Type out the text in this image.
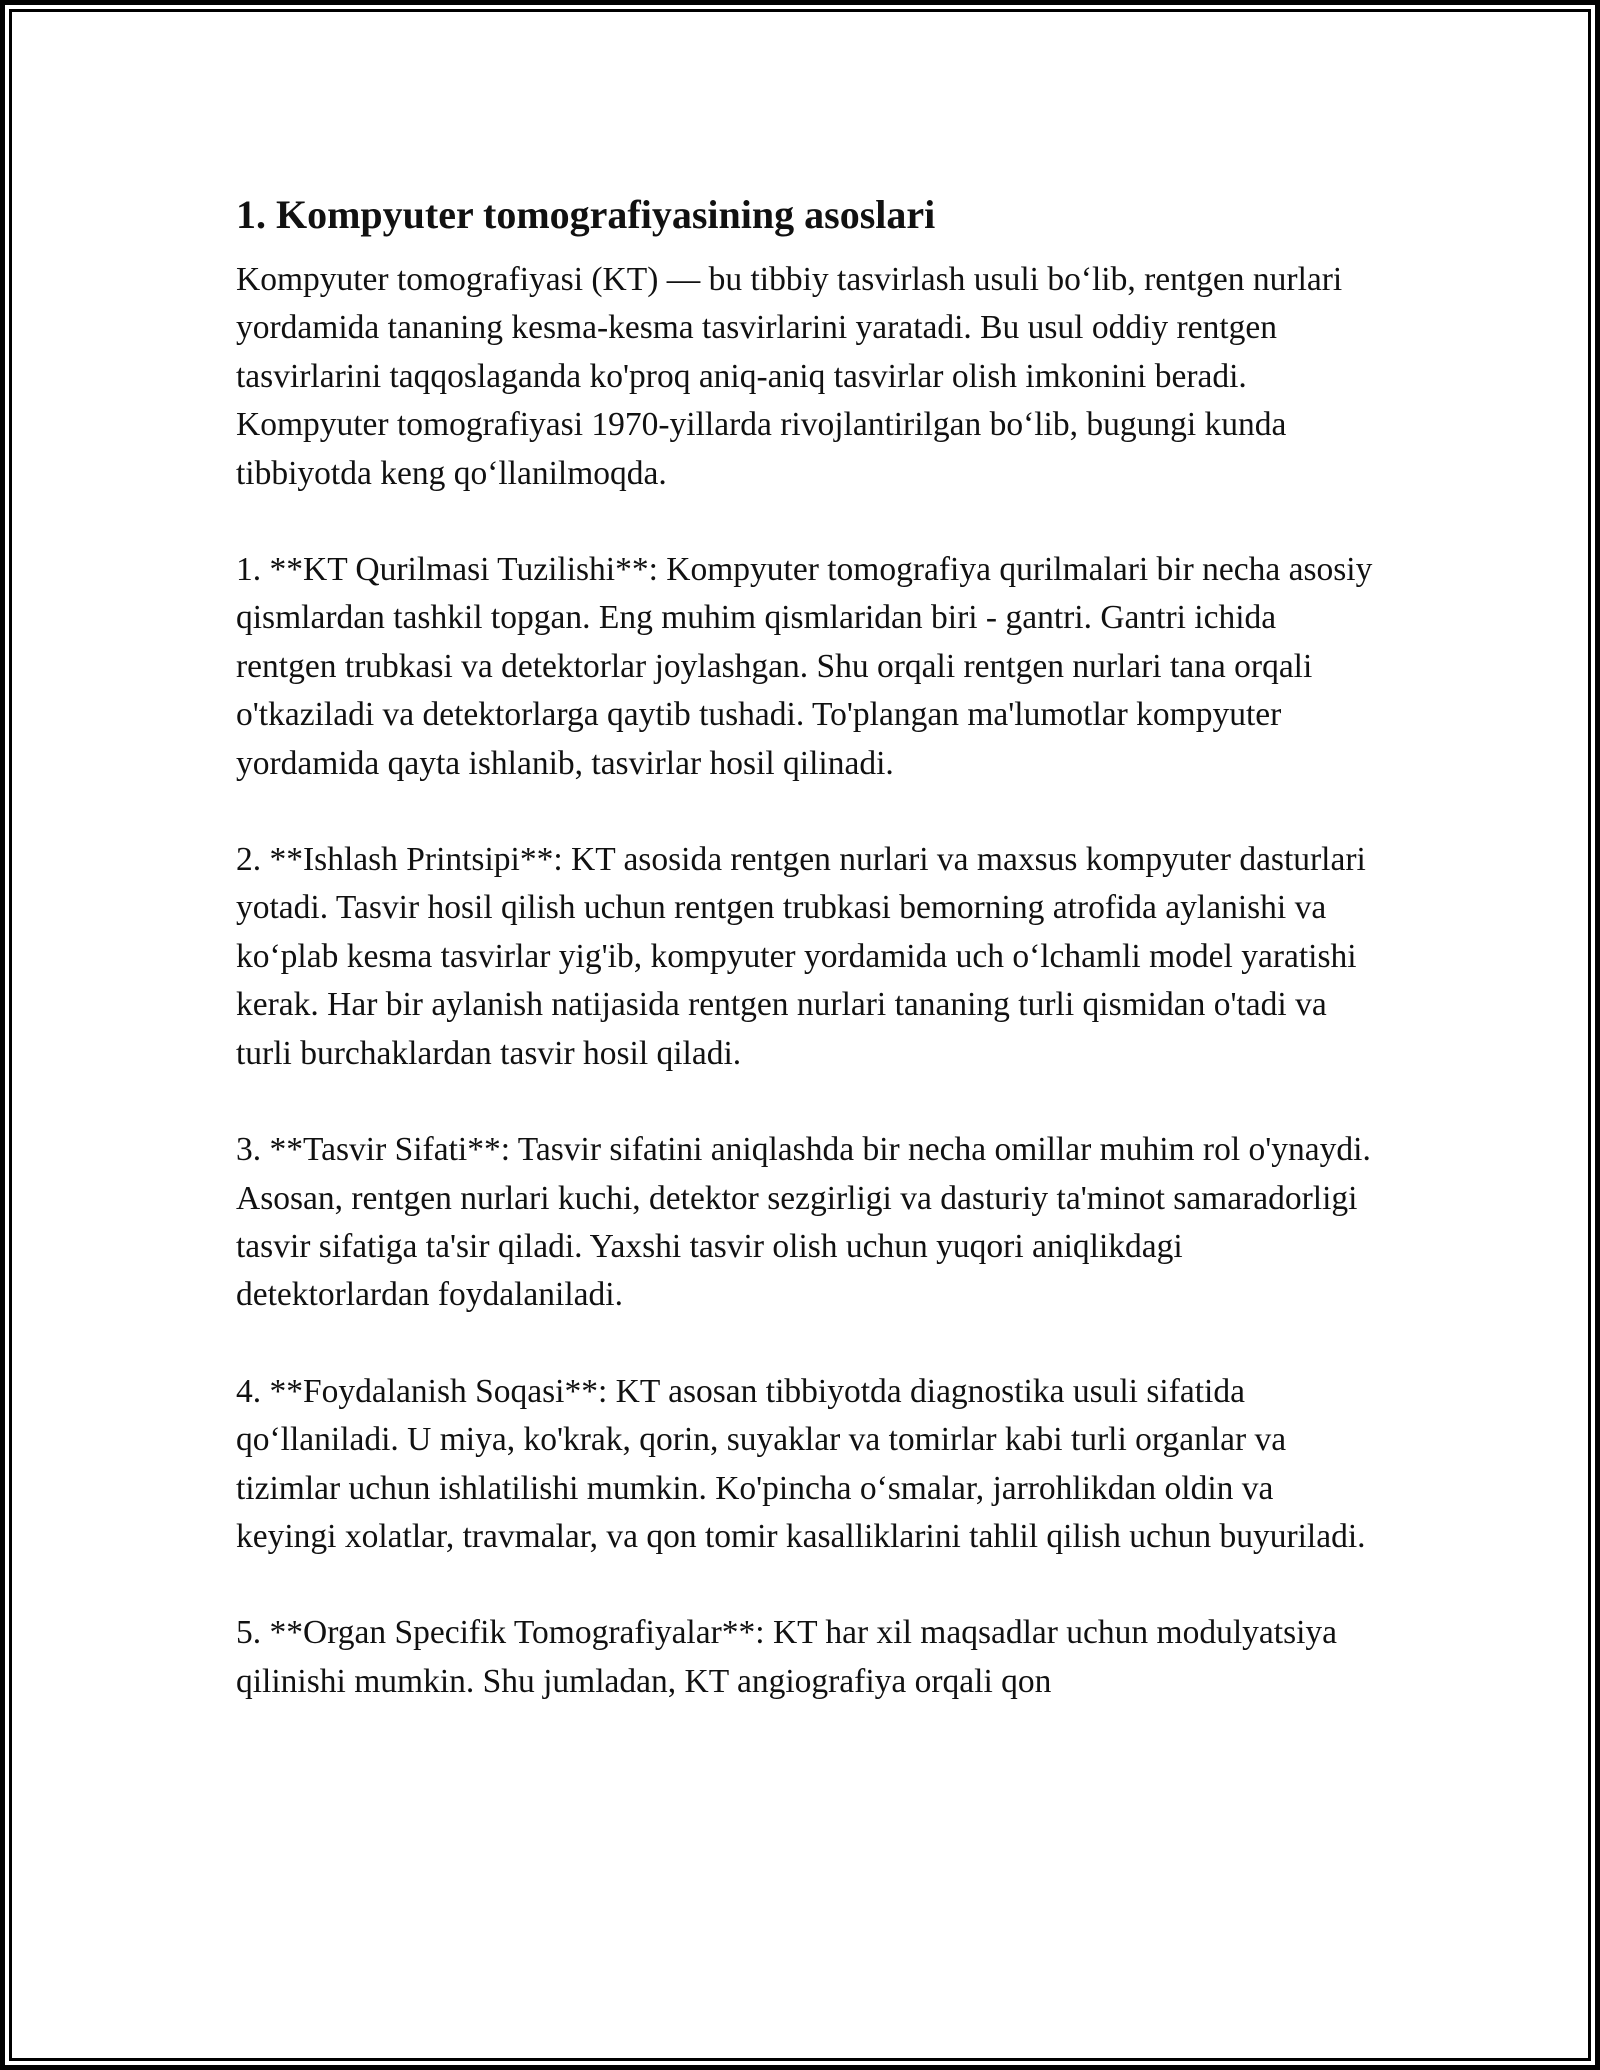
1. Kompyuter tomografiyasining asoslari

Kompyuter tomografiyasi (KT) — bu tibbiy tasvirlash usuli bo‘lib, rentgen nurlari yordamida tananing kesma-kesma tasvirlarini yaratadi. Bu usul oddiy rentgen tasvirlarini taqqoslaganda ko'proq aniq-aniq tasvirlar olish imkonini beradi. Kompyuter tomografiyasi 1970-yillarda rivojlantirilgan bo‘lib, bugungi kunda tibbiyotda keng qo‘llanilmoqda.

1. **KT Qurilmasi Tuzilishi**: Kompyuter tomografiya qurilmalari bir necha asosiy qismlardan tashkil topgan. Eng muhim qismlaridan biri - gantri. Gantri ichida rentgen trubkasi va detektorlar joylashgan. Shu orqali rentgen nurlari tana orqali o'tkaziladi va detektorlarga qaytib tushadi. To'plangan ma'lumotlar kompyuter yordamida qayta ishlanib, tasvirlar hosil qilinadi.

2. **Ishlash Printsipi**: KT asosida rentgen nurlari va maxsus kompyuter dasturlari yotadi. Tasvir hosil qilish uchun rentgen trubkasi bemorning atrofida aylanishi va ko‘plab kesma tasvirlar yig'ib, kompyuter yordamida uch o‘lchamli model yaratishi kerak. Har bir aylanish natijasida rentgen nurlari tananing turli qismidan o'tadi va turli burchaklardan tasvir hosil qiladi.

3. **Tasvir Sifati**: Tasvir sifatini aniqlashda bir necha omillar muhim rol o'ynaydi. Asosan, rentgen nurlari kuchi, detektor sezgirligi va dasturiy ta'minot samaradorligi tasvir sifatiga ta'sir qiladi. Yaxshi tasvir olish uchun yuqori aniqlikdagi detektorlardan foydalaniladi.

4. **Foydalanish Soqasi**: KT asosan tibbiyotda diagnostika usuli sifatida qo‘llaniladi. U miya, ko'krak, qorin, suyaklar va tomirlar kabi turli organlar va tizimlar uchun ishlatilishi mumkin. Ko'pincha o‘smalar, jarrohlikdan oldin va keyingi xolatlar, travmalar, va qon tomir kasalliklarini tahlil qilish uchun buyuriladi.

5. **Organ Specifik Tomografiyalar**: KT har xil maqsadlar uchun modulyatsiya qilinishi mumkin. Shu jumladan, KT angiografiya orqali qon
